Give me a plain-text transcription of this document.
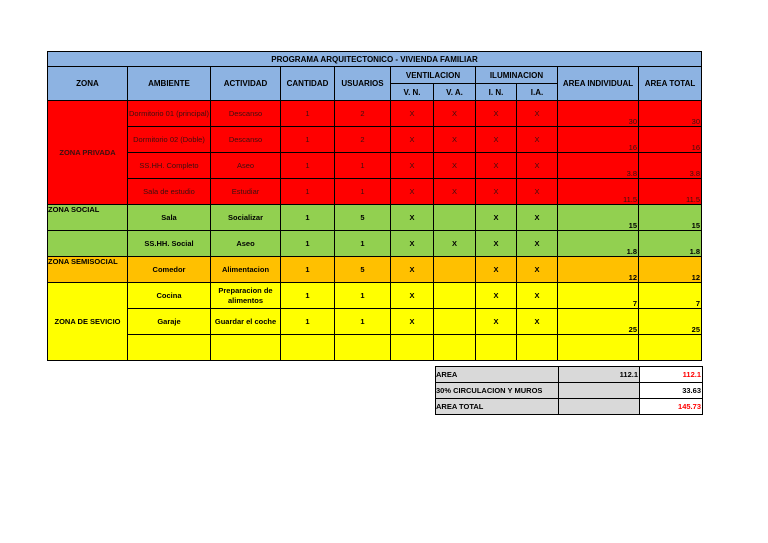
PROGRAMA ARQUITECTONICO - VIVIENDA FAMILIAR										
ZONA	AMBIENTE	ACTIVIDAD	CANTIDAD	USUARIOS	VENTILACION		ILUMINACION		AREA INDIVIDUAL	AREA TOTAL
					V. N.	V. A.	I. N.	I.A.		
ZONA PRIVADA	Dormitorio 01 (principal)	Descanso	1	2	X	X	X	X	30	30
	Dormitorio 02 (Doble)	Descanso	1	2	X	X	X	X	16	16
	SS.HH. Completo	Aseo	1	1	X	X	X	X	3.8	3.8
	Sala de estudio	Estudiar	1	1	X	X	X	X	11.5	11.5
ZONA SOCIAL	Sala	Socializar	1	5	X		X	X	15	15
	SS.HH. Social	Aseo	1	1	X	X	X	X	1.8	1.8
ZONA SEMISOCIAL	Comedor	Alimentacion	1	5	X		X	X	12	12
ZONA DE SEVICIO	Cocina	Preparacion de alimentos	1	1	X		X	X	7	7
	Garaje	Guardar el coche	1	1	X		X	X	25	25

AREA	112.1	112.1
30% CIRCULACION Y MUROS		33.63
AREA TOTAL		145.73
